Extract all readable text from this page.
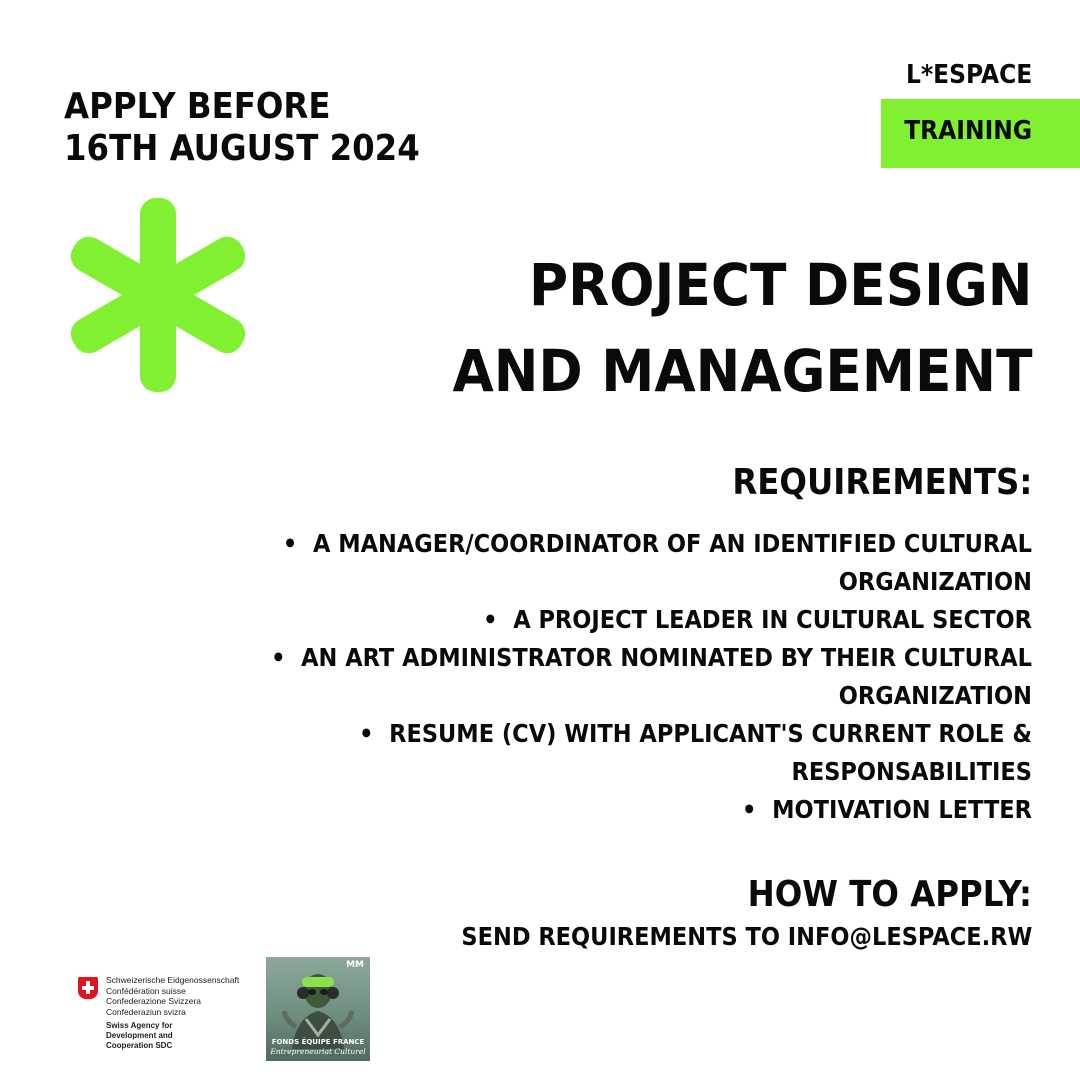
APPLY BEFORE
16TH AUGUST 2024
L*ESPACE
TRAINING
PROJECT DESIGN
AND MANAGEMENT
REQUIREMENTS:
•  A MANAGER/COORDINATOR OF AN IDENTIFIED CULTURAL ORGANIZATION
•  A PROJECT LEADER IN CULTURAL SECTOR
•  AN ART ADMINISTRATOR NOMINATED BY THEIR CULTURAL ORGANIZATION
•  RESUME (CV) WITH APPLICANT'S CURRENT ROLE & RESPONSABILITIES
•  MOTIVATION LETTER
HOW TO APPLY:
SEND REQUIREMENTS TO INFO@LESPACE.RW
Schweizerische Eidgenossenschaft
Confédération suisse
Confederazione Svizzera
Confederaziun svizra
Swiss Agency for Development and Cooperation SDC
MM
FONDS ÉQUIPE FRANCE
Entrepreneuriat Culturel
